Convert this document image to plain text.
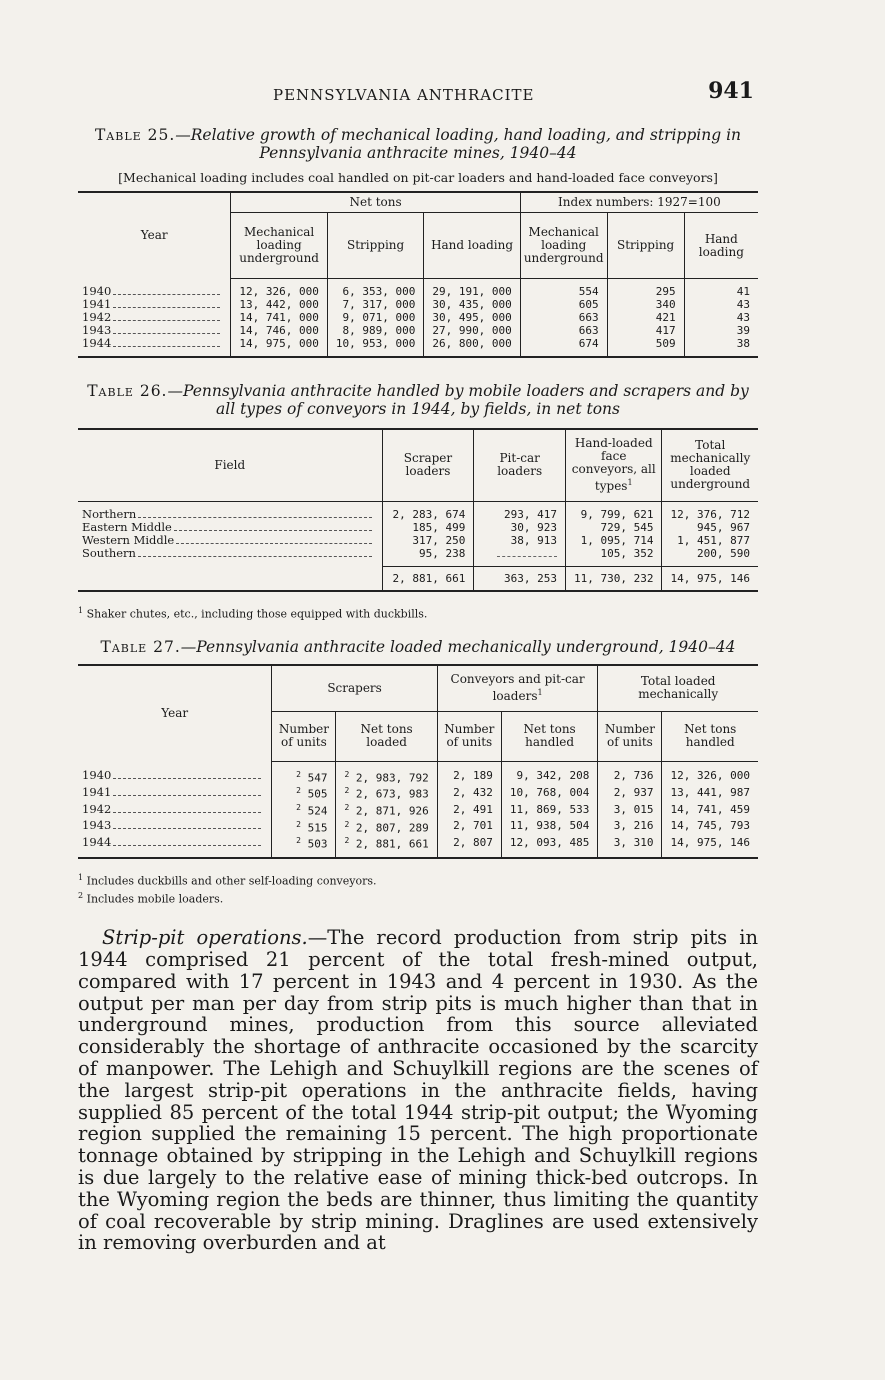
PENNSYLVANIA ANTHRACITE	941
Table 25.—Relative growth of mechanical loading, hand loading, and stripping in Pennsylvania anthracite mines, 1940–44
[Mechanical loading includes coal handled on pit-car loaders and hand-loaded face conveyors]
Year	Net tons			Index numbers: 1927=100		
	Mechanical loading underground	Stripping	Hand loading	Mechanical loading underground	Stripping	Hand loading

1940	12, 326, 000	6, 353, 000	29, 191, 000	554	295	41

1941	13, 442, 000	7, 317, 000	30, 435, 000	605	340	43

1942	14, 741, 000	9, 071, 000	30, 495, 000	663	421	43

1943	14, 746, 000	8, 989, 000	27, 990, 000	663	417	39

1944	14, 975, 000	10, 953, 000	26, 800, 000	674	509	38
Table 26.—Pennsylvania anthracite handled by mobile loaders and scrapers and by all types of conveyors in 1944, by fields, in net tons
Field	Scraper loaders	Pit-car loaders	Hand-loaded face conveyors, all types$^1$	Total mechanically loaded underground

Northern	2, 283, 674	293, 417	9, 799, 621	12, 376, 712

Eastern Middle	185, 499	30, 923	729, 545	945, 967

Western Middle	317, 250	38, 913	1, 095, 714	1, 451, 877

Southern	95, 238		105, 352	200, 590
	2, 881, 661	363, 253	11, 730, 232	14, 975, 146
$^1$ Shaker chutes, etc., including those equipped with duckbills.
Table 27.—Pennsylvania anthracite loaded mechanically underground, 1940–44
Year	Scrapers		Conveyors and pit-car loaders$^1$		Total loaded mechanically	
	Number of units	Net tons loaded	Number of units	Net tons handled	Number of units	Net tons handled

1940	$^2$ 547	$^2$ 2, 983, 792	2, 189	9, 342, 208	2, 736	12, 326, 000

1941	$^2$ 505	$^2$ 2, 673, 983	2, 432	10, 768, 004	2, 937	13, 441, 987

1942	$^2$ 524	$^2$ 2, 871, 926	2, 491	11, 869, 533	3, 015	14, 741, 459

1943	$^2$ 515	$^2$ 2, 807, 289	2, 701	11, 938, 504	3, 216	14, 745, 793

1944	$^2$ 503	$^2$ 2, 881, 661	2, 807	12, 093, 485	3, 310	14, 975, 146
$^1$ Includes duckbills and other self-loading conveyors.
$^2$ Includes mobile loaders.
Strip-pit operations.—The record production from strip pits in 1944 comprised 21 percent of the total fresh-mined output, compared with 17 percent in 1943 and 4 percent in 1930. As the output per man per day from strip pits is much higher than that in underground mines, production from this source alleviated considerably the shortage of anthracite occasioned by the scarcity of manpower. The Lehigh and Schuylkill regions are the scenes of the largest strip-pit operations in the anthracite fields, having supplied 85 percent of the total 1944 strip-pit output; the Wyoming region supplied the remaining 15 percent. The high proportionate tonnage obtained by stripping in the Lehigh and Schuylkill regions is due largely to the relative ease of mining thick-bed outcrops. In the Wyoming region the beds are thinner, thus limiting the quantity of coal recoverable by strip mining. Draglines are used extensively in removing overburden and at
